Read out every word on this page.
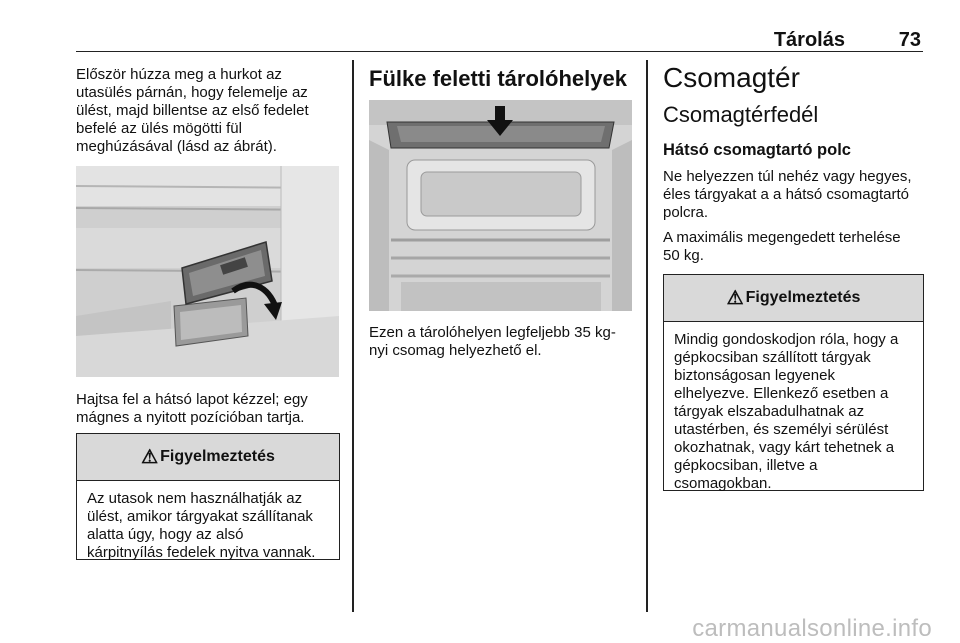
Tárolás	73

Először húzza meg a hurkot az
utasülés párnán, hogy felemelje az
ülést, majd billentse az első fedelet
befelé az ülés mögötti fül
meghúzásával (lásd az ábrát).

Hajtsa fel a hátsó lapot kézzel; egy
mágnes a nyitott pozícióban tartja.

⚠ Figyelmeztetés
Az utasok nem használhatják az
ülést, amikor tárgyakat szállítanak
alatta úgy, hogy az alsó
kárpitnyílás fedelek nyitva vannak.

Fülke feletti tárolóhelyek

Ezen a tárolóhelyen legfeljebb 35 kg-
nyi csomag helyezhető el.

Csomagtér

Csomagtérfedél

Hátsó csomagtartó polc

Ne helyezzen túl nehéz vagy hegyes,
éles tárgyakat a a hátsó csomagtartó
polcra.

A maximális megengedett terhelése
50 kg.

⚠ Figyelmeztetés
Mindig gondoskodjon róla, hogy a
gépkocsiban szállított tárgyak
biztonságosan legyenek
elhelyezve. Ellenkező esetben a
tárgyak elszabadulhatnak az
utastérben, és személyi sérülést
okozhatnak, vagy kárt tehetnek a
gépkocsiban, illetve a
csomagokban.
carmanualsonline.info
